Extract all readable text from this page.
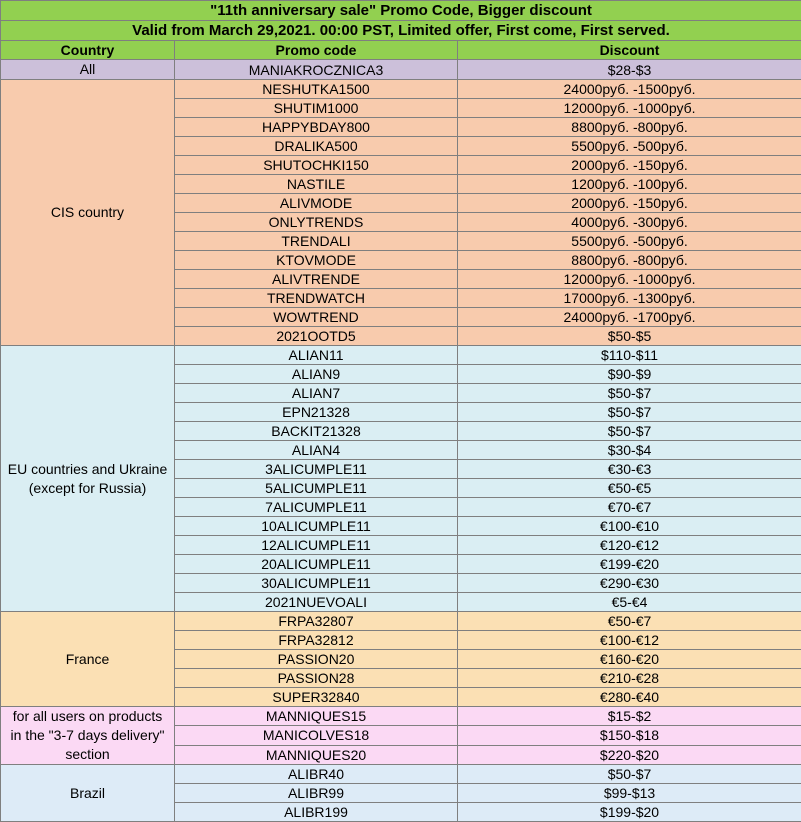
"11th anniversary sale" Promo Code, Bigger discount		
Valid from March 29,2021. 00:00 PST, Limited offer, First come, First served.		
Country	Promo code	Discount

All	MANIAKROCZNICA3	$28-$3

CIS country	NESHUTKA1500	24000руб. -1500руб.
	SHUTIM1000	12000руб. -1000руб.
	HAPPYBDAY800	8800руб. -800руб.
	DRALIKA500	5500руб. -500руб.
	SHUTOCHKI150	2000руб. -150руб.
	NASTILE	1200руб. -100руб.
	ALIVMODE	2000руб. -150руб.
	ONLYTRENDS	4000руб. -300руб.
	TRENDALI	5500руб. -500руб.
	KTOVMODE	8800руб. -800руб.
	ALIVTRENDE	12000руб. -1000руб.
	TRENDWATCH	17000руб. -1300руб.
	WOWTREND	24000руб. -1700руб.
	2021OOTD5	$50-$5

EU countries and Ukraine
(except for Russia)	ALIAN11	$110-$11
	ALIAN9	$90-$9
	ALIAN7	$50-$7
	EPN21328	$50-$7
	BACKIT21328	$50-$7
	ALIAN4	$30-$4
	3ALICUMPLE11	€30-€3
	5ALICUMPLE11	€50-€5
	7ALICUMPLE11	€70-€7
	10ALICUMPLE11	€100-€10
	12ALICUMPLE11	€120-€12
	20ALICUMPLE11	€199-€20
	30ALICUMPLE11	€290-€30
	2021NUEVOALI	€5-€4

France	FRPA32807	€50-€7
	FRPA32812	€100-€12
	PASSION20	€160-€20
	PASSION28	€210-€28
	SUPER32840	€280-€40

for all users on products
in the "3-7 days delivery"
section	MANNIQUES15	$15-$2
	MANICOLVES18	$150-$18
	MANNIQUES20	$220-$20

Brazil	ALIBR40	$50-$7
	ALIBR99	$99-$13
	ALIBR199	$199-$20
